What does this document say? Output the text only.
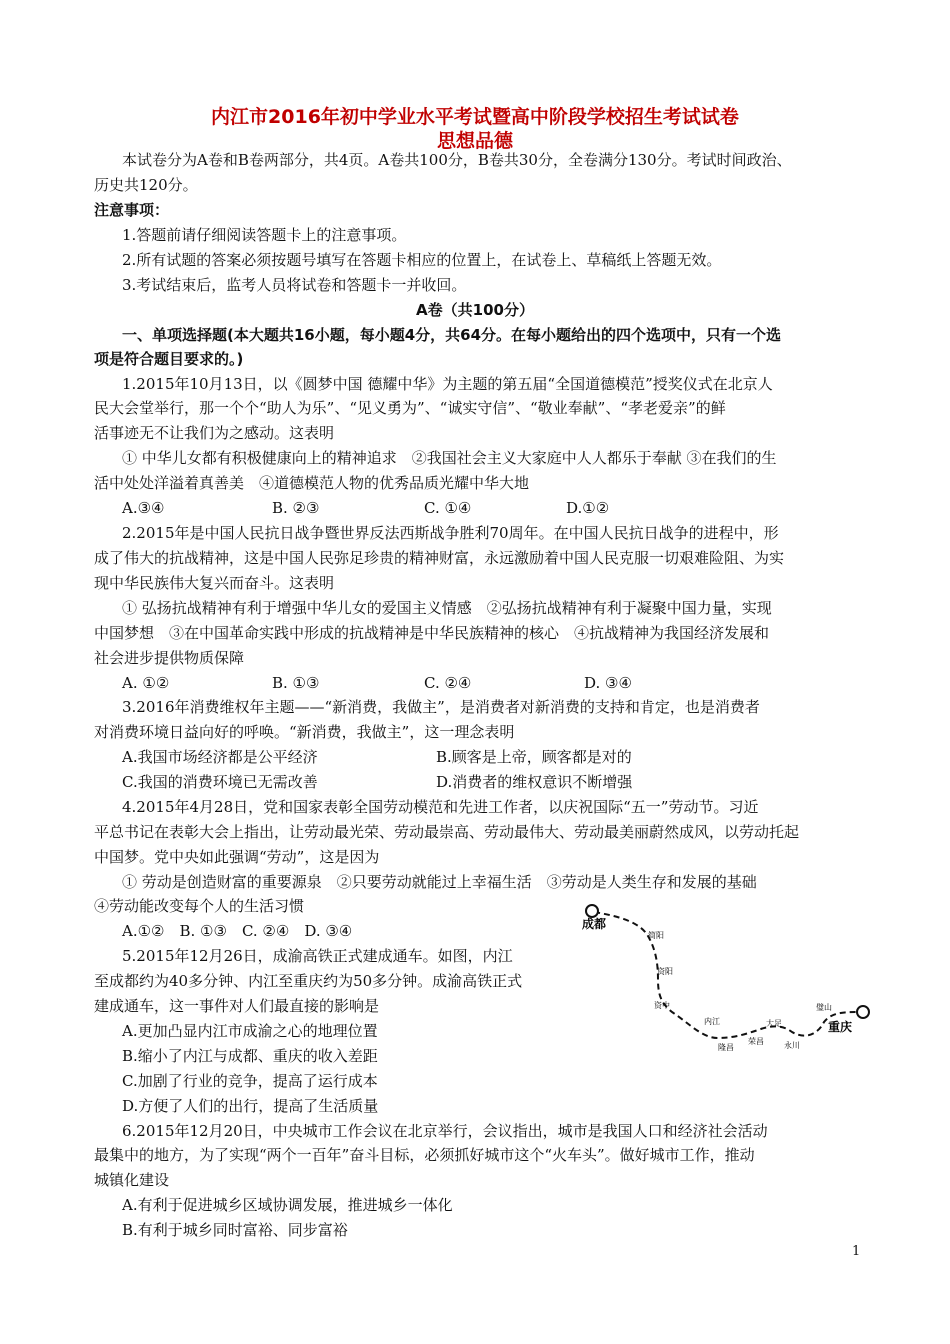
内江市2016年初中学业水平考试暨高中阶段学校招生考试试卷
思想品德
本试卷分为A卷和B卷两部分，共4页。A卷共100分，B卷共30分，全卷满分130分。考试时间政治、
历史共120分。
注意事项：
1.答题前请仔细阅读答题卡上的注意事项。
2.所有试题的答案必须按题号填写在答题卡相应的位置上，在试卷上、草稿纸上答题无效。
3.考试结束后，监考人员将试卷和答题卡一并收回。
A卷（共100分）
一、单项选择题(本大题共16小题，每小题4分，共64分。在每小题给出的四个选项中，只有一个选
项是符合题目要求的。)
1.2015年10月13日，以《圆梦中国 德耀中华》为主题的第五届“全国道德模范”授奖仪式在北京人
民大会堂举行，那一个个“助人为乐”、“见义勇为”、“诚实守信”、“敬业奉献”、“孝老爱亲”的鲜
活事迹无不让我们为之感动。这表明
① 中华儿女都有积极健康向上的精神追求　②我国社会主义大家庭中人人都乐于奉献 ③在我们的生
活中处处洋溢着真善美　④道德模范人物的优秀品质光耀中华大地
A.③④	B. ②③	C. ①④	D.①②
2.2015年是中国人民抗日战争暨世界反法西斯战争胜利70周年。在中国人民抗日战争的进程中，形
成了伟大的抗战精神，这是中国人民弥足珍贵的精神财富，永远激励着中国人民克服一切艰难险阻、为实
现中华民族伟大复兴而奋斗。这表明
① 弘扬抗战精神有利于增强中华儿女的爱国主义情感　②弘扬抗战精神有利于凝聚中国力量，实现
中国梦想　③在中国革命实践中形成的抗战精神是中华民族精神的核心　④抗战精神为我国经济发展和
社会进步提供物质保障
A. ①②	B. ①③	C. ②④	D. ③④
3.2016年消费维权年主题——“新消费，我做主”，是消费者对新消费的支持和肯定，也是消费者
对消费环境日益向好的呼唤。“新消费，我做主”，这一理念表明
A.我国市场经济都是公平经济	B.顾客是上帝，顾客都是对的
C.我国的消费环境已无需改善	D.消费者的维权意识不断增强
4.2015年4月28日，党和国家表彰全国劳动模范和先进工作者，以庆祝国际“五一”劳动节。习近
平总书记在表彰大会上指出，让劳动最光荣、劳动最崇高、劳动最伟大、劳动最美丽蔚然成风，以劳动托起
中国梦。党中央如此强调“劳动”，这是因为
① 劳动是创造财富的重要源泉　②只要劳动就能过上幸福生活　③劳动是人类生存和发展的基础
④劳动能改变每个人的生活习惯
A.①②　B. ①③　C. ②④　D. ③④
5.2015年12月26日，成渝高铁正式建成通车。如图，内江
至成都约为40多分钟、内江至重庆约为50多分钟。成渝高铁正式
建成通车，这一事件对人们最直接的影响是
A.更加凸显内江市成渝之心的地理位置
B.缩小了内江与成都、重庆的收入差距
C.加剧了行业的竞争，提高了运行成本
D.方便了人们的出行，提高了生活质量
成都
重庆
简阳
资阳
资中
内江
隆昌
荣昌
大足
永川
璧山
6.2015年12月20日，中央城市工作会议在北京举行，会议指出，城市是我国人口和经济社会活动
最集中的地方，为了实现“两个一百年”奋斗目标，必须抓好城市这个“火车头”。做好城市工作，推动
城镇化建设
A.有利于促进城乡区域协调发展，推进城乡一体化
B.有利于城乡同时富裕、同步富裕
1
